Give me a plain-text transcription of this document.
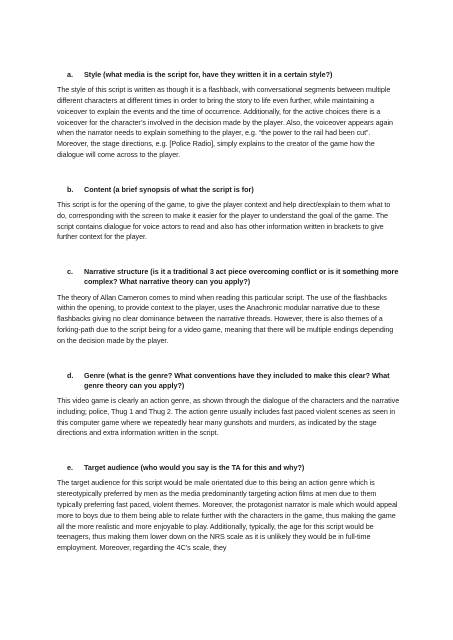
a.	Style (what media is the script for, have they written it in a certain style?)

The style of this script is written as though it is a flashback, with conversational segments between multiple different characters at different times in order to bring the story to life even further, while maintaining a voiceover to explain the events and the time of occurrence. Additionally, for the active choices there is a voiceover for the character’s involved in the decision made by the player. Also, the voiceover appears again when the narrator needs to explain something to the player, e.g. “the power to the rail had been cut”. Moreover, the stage directions, e.g. [Police Radio], simply explains to the creator of the game how the dialogue will come across to the player.

b.	Content (a brief synopsis of what the script is for)

This script is for the opening of the game, to give the player context and help direct/explain to them what to do, corresponding with the screen to make it easier for the player to understand the goal of the game. The script contains dialogue for voice actors to read and also has other information written in brackets to give further context for the player.

c.	Narrative structure (is it a traditional 3 act piece overcoming conflict or is it something more complex? What narrative theory can you apply?)

The theory of Allan Cameron comes to mind when reading this particular script. The use of the flashbacks within the opening, to provide context to the player, uses the Anachronic modular narrative due to these flashbacks giving no clear dominance between the narrative threads. However, there is also themes of a forking-path due to the script being for a video game, meaning that there will be multiple endings depending on the decision made by the player.

d.	Genre (what is the genre? What conventions have they included to make this clear? What genre theory can you apply?)

This video game is clearly an action genre, as shown through the dialogue of the characters and the narrative including; police, Thug 1 and Thug 2. The action genre usually includes fast paced violent scenes as seen in this computer game where we repeatedly hear many gunshots and murders, as indicated by the stage directions and extra information written in the script.

e.	Target audience (who would you say is the TA for this and why?)

The target audience for this script would be male orientated due to this being an action genre which is stereotypically preferred by men as the media predominantly targeting action films at men due to them typically preferring fast paced, violent themes. Moreover, the protagonist narrator is male which would appeal more to boys due to them being able to relate further with the characters in the game, thus making the game all the more realistic and more enjoyable to play. Additionally, typically, the age for this script would be teenagers, thus making them lower down on the NRS scale as it is unlikely they would be in full-time employment. Moreover, regarding the 4C’s scale, they
